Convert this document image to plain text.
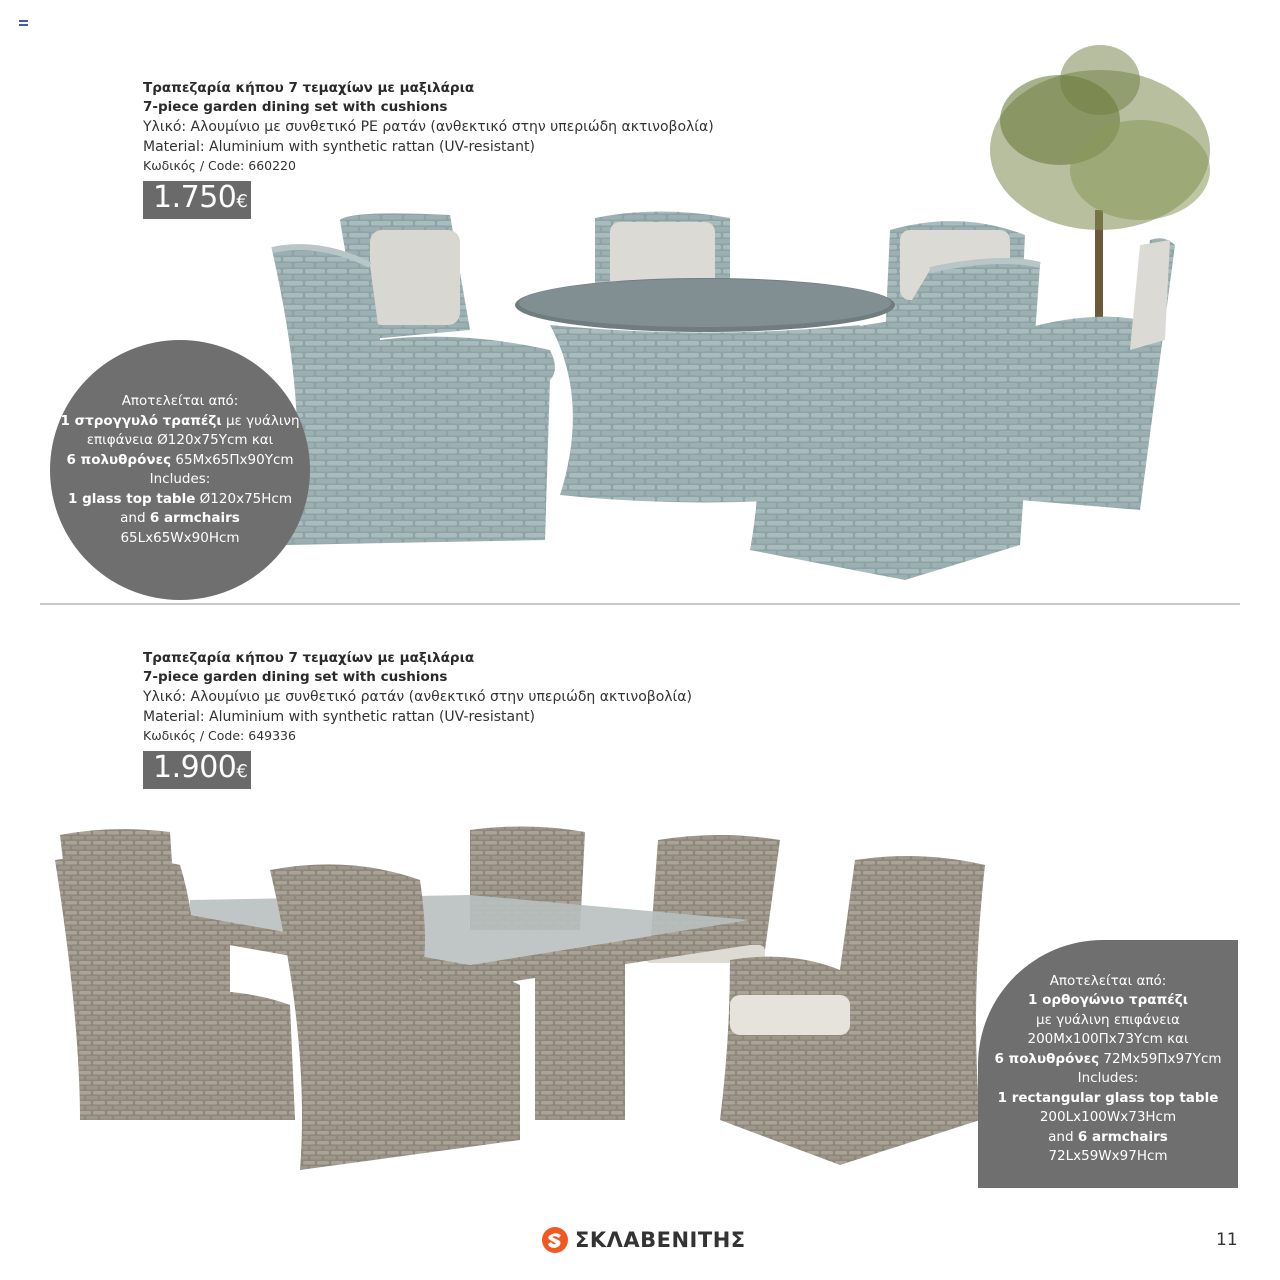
Τραπεζαρία κήπου 7 τεμαχίων με μαξιλάρια
7-piece garden dining set with cushions
Υλικό: Αλουμίνιο με συνθετικό PE ρατάν (ανθεκτικό στην υπεριώδη ακτινοβολία)
Material: Aluminium with synthetic rattan (UV-resistant)
Κωδικός / Code: 660220
1.750€
Αποτελείται από:
1 στρογγυλό τραπέζι με γυάλινη
επιφάνεια Ø120x75Υcm και
6 πολυθρόνες 65Mx65Πx90Υcm
Includes:
1 glass top table Ø120x75Hcm
and 6 armchairs
65Lx65Wx90Hcm
Τραπεζαρία κήπου 7 τεμαχίων με μαξιλάρια
7-piece garden dining set with cushions
Υλικό: Αλουμίνιο με συνθετικό ρατάν (ανθεκτικό στην υπεριώδη ακτινοβολία)
Material: Aluminium with synthetic rattan (UV-resistant)
Κωδικός / Code: 649336
1.900€
Αποτελείται από:
1 ορθογώνιο τραπέζι
με γυάλινη επιφάνεια
200Mx100Πx73Υcm και
6 πολυθρόνες 72Mx59Πx97Υcm
Includes:
1 rectangular glass top table
200Lx100Wx73Hcm
and 6 armchairs
72Lx59Wx97Hcm
ΣΚΛΑΒΕΝΙΤΗΣ	11
